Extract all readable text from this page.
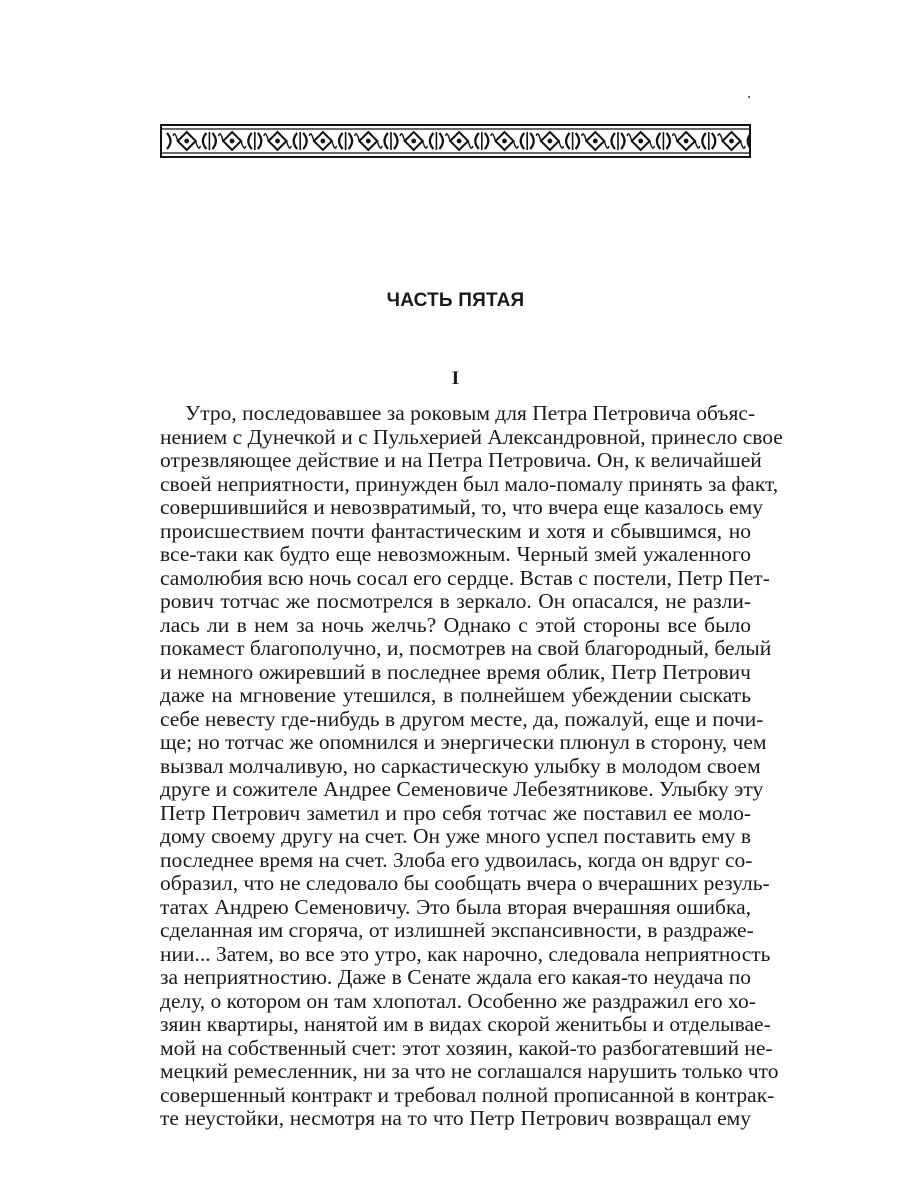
ЧАСТЬ ПЯТАЯ
I
Утро, последовавшее за роковым для Петра Петровича объяс-
нением с Дунечкой и с Пульхерией Александровной, принесло свое
отрезвляющее действие и на Петра Петровича. Он, к величайшей
своей неприятности, принужден был мало-помалу принять за факт,
совершившийся и невозвратимый, то, что вчера еще казалось ему
происшествием почти фантастическим и хотя и сбывшимся, но
все-таки как будто еще невозможным. Черный змей ужаленного
самолюбия всю ночь сосал его сердце. Встав с постели, Петр Пет-
рович тотчас же посмотрелся в зеркало. Он опасался, не разли-
лась ли в нем за ночь желчь? Однако с этой стороны все было
покамест благополучно, и, посмотрев на свой благородный, белый
и немного ожиревший в последнее время облик, Петр Петрович
даже на мгновение утешился, в полнейшем убеждении сыскать
себе невесту где-нибудь в другом месте, да, пожалуй, еще и почи-
ще; но тотчас же опомнился и энергически плюнул в сторону, чем
вызвал молчаливую, но саркастическую улыбку в молодом своем
друге и сожителе Андрее Семеновиче Лебезятникове. Улыбку эту
Петр Петрович заметил и про себя тотчас же поставил ее моло-
дому своему другу на счет. Он уже много успел поставить ему в
последнее время на счет. Злоба его удвоилась, когда он вдруг со-
образил, что не следовало бы сообщать вчера о вчерашних резуль-
татах Андрею Семеновичу. Это была вторая вчерашняя ошибка,
сделанная им сгоряча, от излишней экспансивности, в раздраже-
нии... Затем, во все это утро, как нарочно, следовала неприятность
за неприятностию. Даже в Сенате ждала его какая-то неудача по
делу, о котором он там хлопотал. Особенно же раздражил его хо-
зяин квартиры, нанятой им в видах скорой женитьбы и отделывае-
мой на собственный счет: этот хозяин, какой-то разбогатевший не-
мецкий ремесленник, ни за что не соглашался нарушить только что
совершенный контракт и требовал полной прописанной в контрак-
те неустойки, несмотря на то что Петр Петрович возвращал ему
